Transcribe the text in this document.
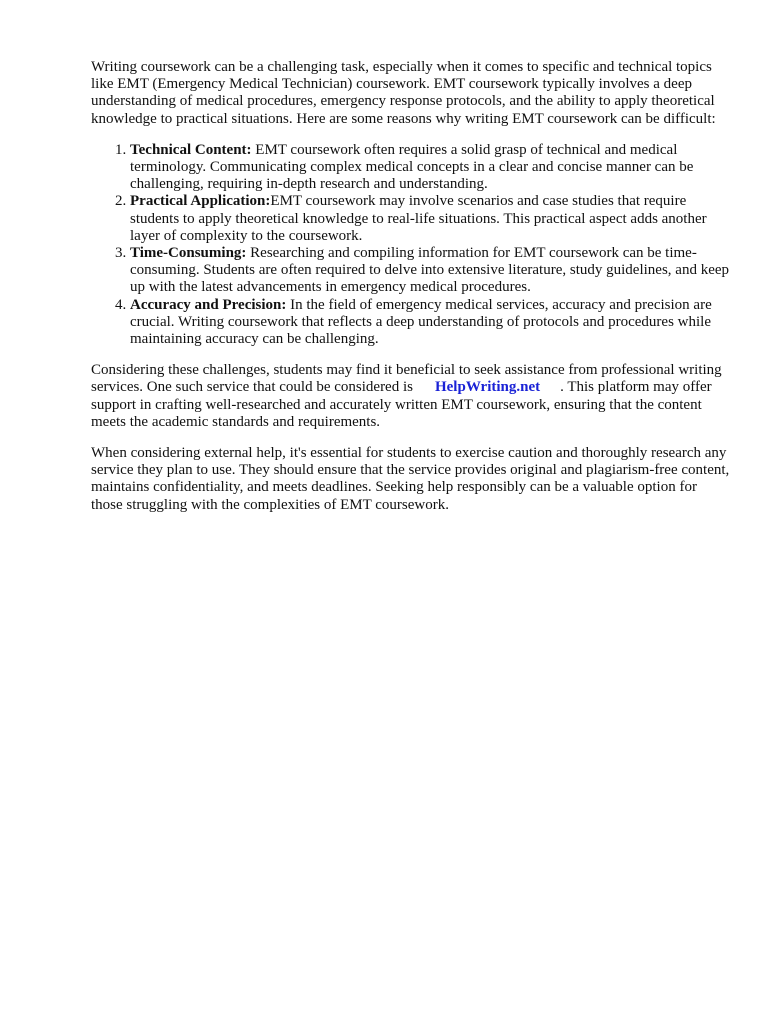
Writing coursework can be a challenging task, especially when it comes to specific and technical topics like EMT (Emergency Medical Technician) coursework. EMT coursework typically involves a deep understanding of medical procedures, emergency response protocols, and the ability to apply theoretical knowledge to practical situations. Here are some reasons why writing EMT coursework can be difficult:

1. Technical Content: EMT coursework often requires a solid grasp of technical and medical terminology. Communicating complex medical concepts in a clear and concise manner can be challenging, requiring in-depth research and understanding.
2. Practical Application:EMT coursework may involve scenarios and case studies that require students to apply theoretical knowledge to real-life situations. This practical aspect adds another layer of complexity to the coursework.
3. Time-Consuming: Researching and compiling information for EMT coursework can be time-consuming. Students are often required to delve into extensive literature, study guidelines, and keep up with the latest advancements in emergency medical procedures.
4. Accuracy and Precision: In the field of emergency medical services, accuracy and precision are crucial. Writing coursework that reflects a deep understanding of protocols and procedures while maintaining accuracy can be challenging.

Considering these challenges, students may find it beneficial to seek assistance from professional writing services. One such service that could be considered is HelpWriting.net . This platform may offer support in crafting well-researched and accurately written EMT coursework, ensuring that the content meets the academic standards and requirements.

When considering external help, it's essential for students to exercise caution and thoroughly research any service they plan to use. They should ensure that the service provides original and plagiarism-free content, maintains confidentiality, and meets deadlines. Seeking help responsibly can be a valuable option for those struggling with the complexities of EMT coursework.
